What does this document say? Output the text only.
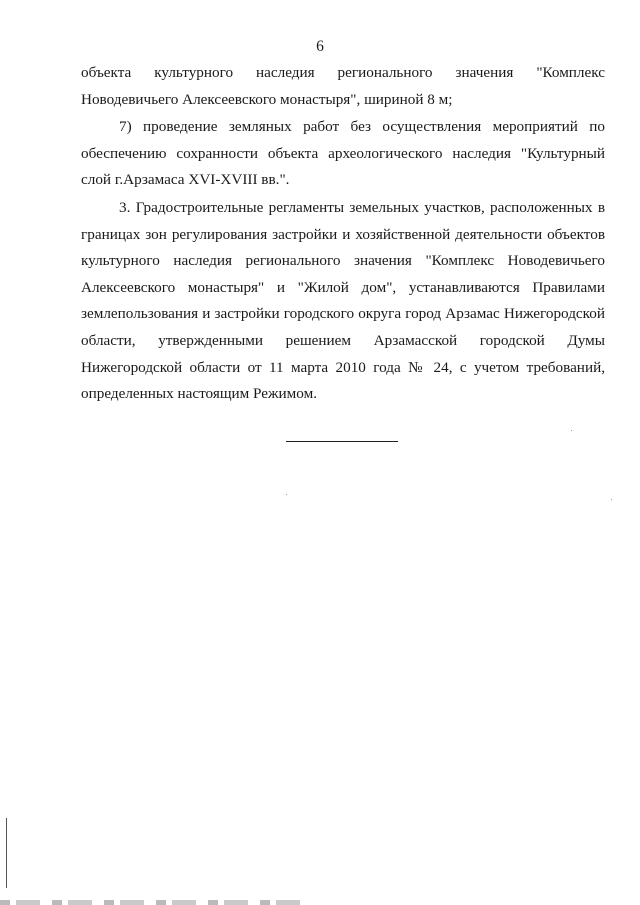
6

объекта культурного наследия регионального значения "Комплекс Новодевичьего Алексеевского монастыря", шириной 8 м;

7) проведение земляных работ без осуществления мероприятий по обеспечению сохранности объекта археологического наследия "Культурный слой г.Арзамаса XVI-XVIII вв.".

3. Градостроительные регламенты земельных участков, расположенных в границах зон регулирования застройки и хозяйственной деятельности объектов культурного наследия регионального значения "Комплекс Новодевичьего Алексеевского монастыря" и "Жилой дом", устанавливаются Правилами землепользования и застройки городского округа город Арзамас Нижегородской области, утвержденными решением Арзамасской городской Думы Нижегородской области от 11 марта 2010 года № 24, с учетом требований, определенных настоящим Режимом.
